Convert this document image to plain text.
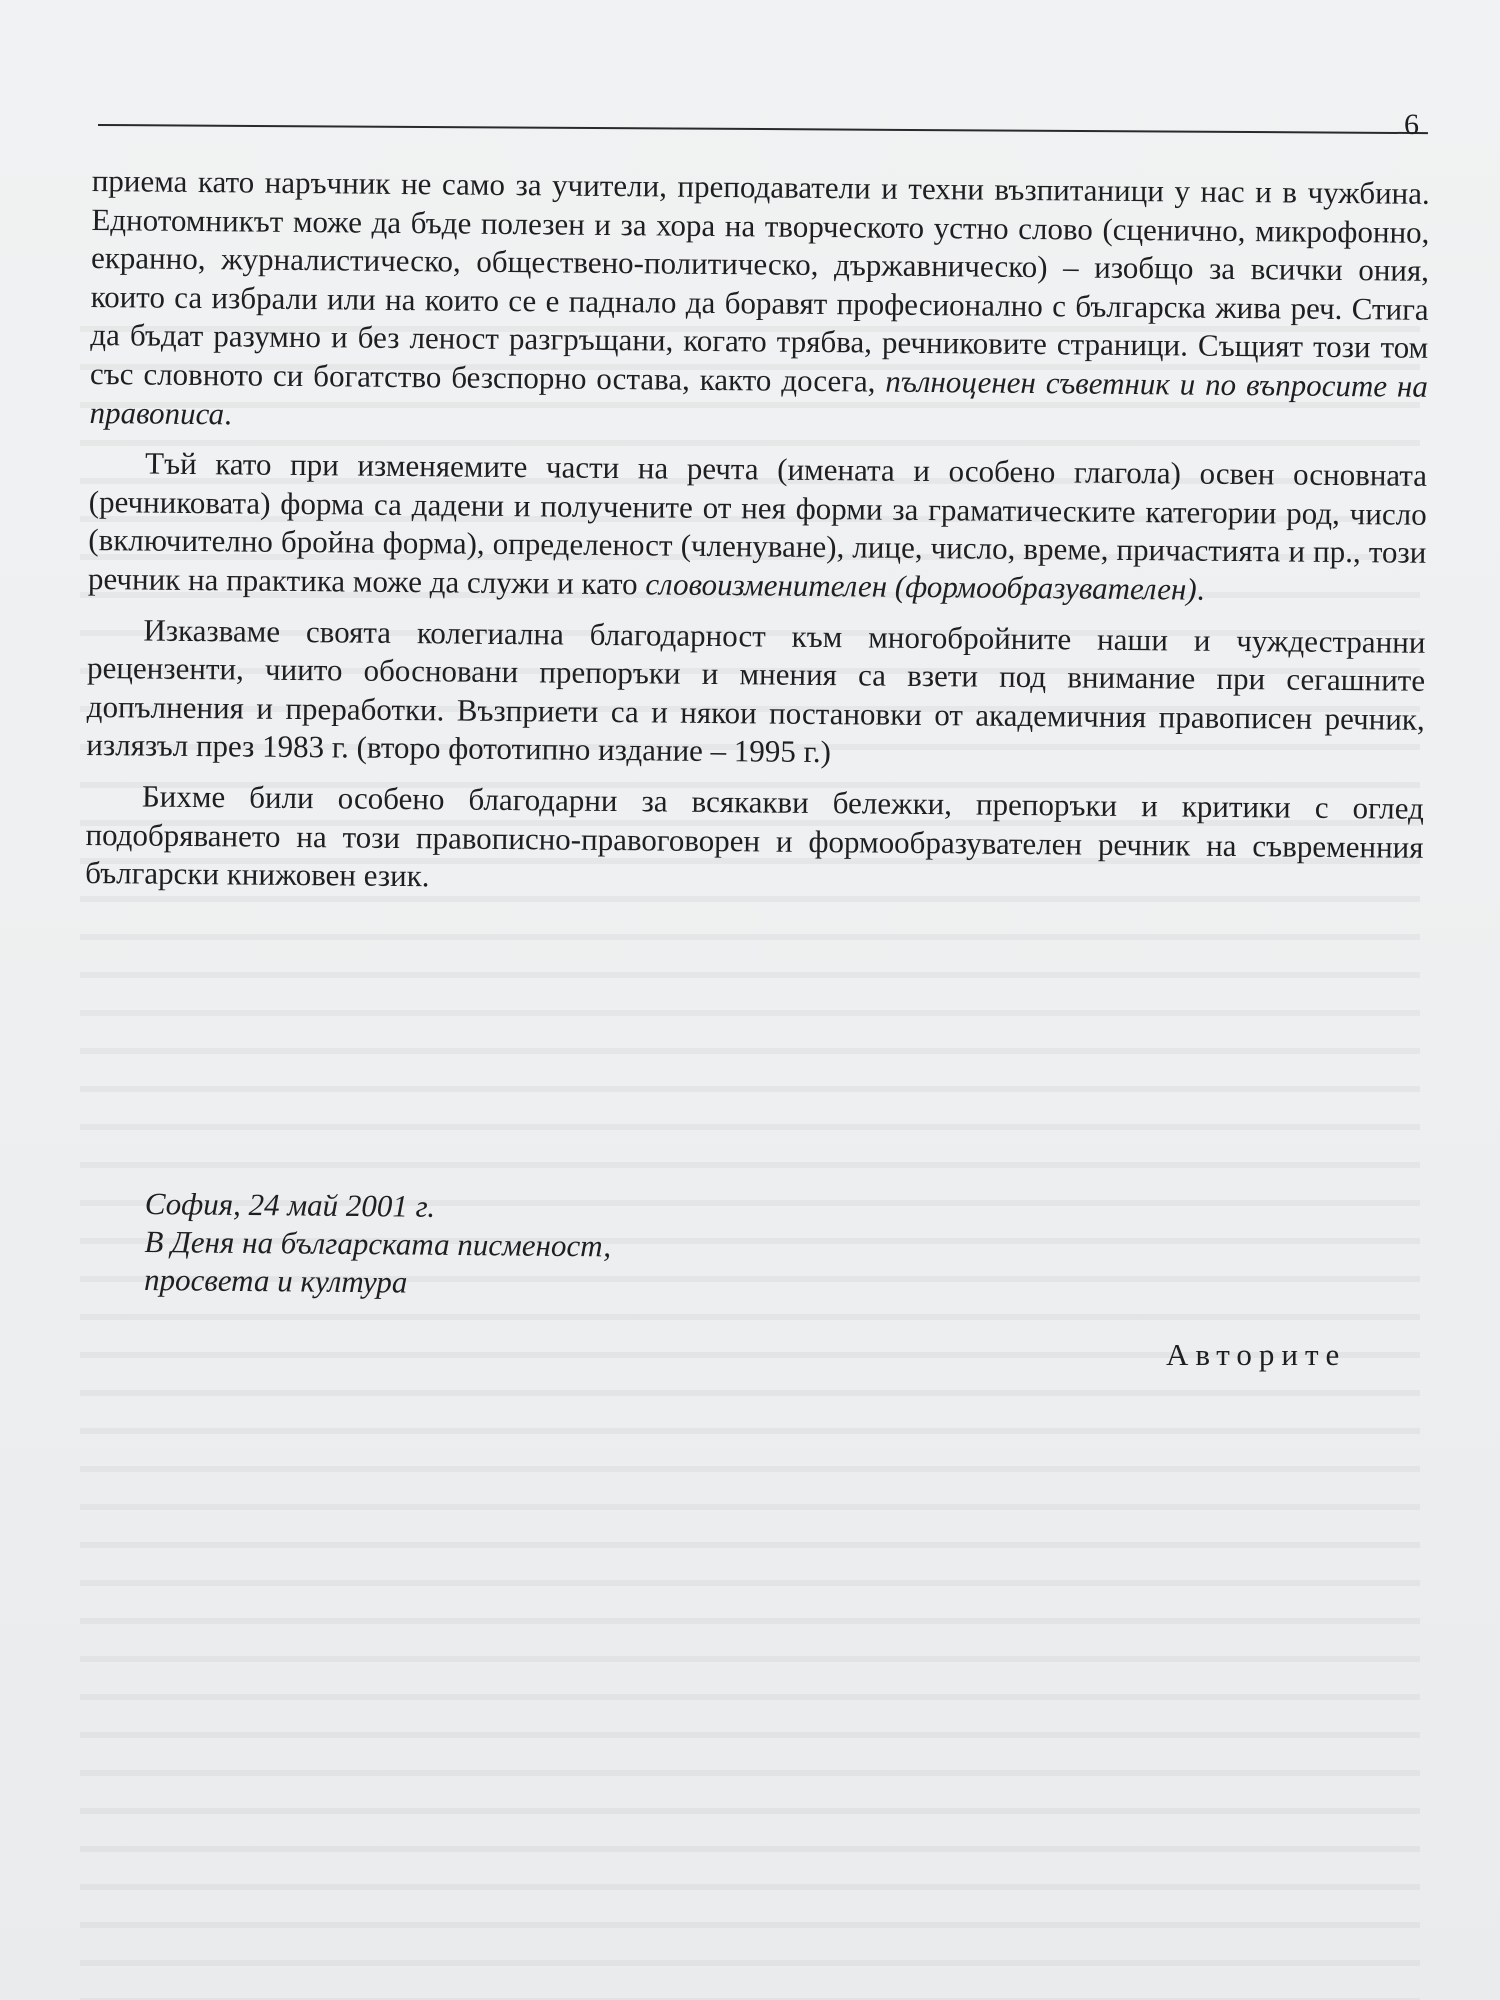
6

приема като наръчник не само за учители, преподаватели и техни възпитаници у нас и в чужбина. Еднотомникът може да бъде полезен и за хора на творческото устно слово (сценично, микрофонно, екранно, журналистическо, обществено-политическо, държавническо) – изобщо за всички ония, които са избрали или на които се е паднало да боравят професионално с българска жива реч. Стига да бъдат разумно и без леност разгръщани, когато трябва, речниковите страници. Същият този том със словното си богатство безспорно остава, както досега, пълноценен съветник и по въпросите на правописа.

Тъй като при изменяемите части на речта (имената и особено глагола) освен основната (речниковата) форма са дадени и получените от нея форми за граматическите категории род, число (включително бройна форма), определеност (членуване), лице, число, време, причастията и пр., този речник на практика може да служи и като словоизменителен (формообразувателен).

Изказваме своята колегиална благодарност към многобройните наши и чуждестранни рецензенти, чиито обосновани препоръки и мнения са взети под внимание при сегашните допълнения и преработки. Възприети са и някои постановки от академичния правописен речник, излязъл през 1983 г. (второ фототипно издание – 1995 г.)

Бихме били особено благодарни за всякакви бележки, препоръки и критики с оглед подобряването на този правописно-правоговорен и формообразувателен речник на съвременния български книжовен език.

София, 24 май 2001 г.
В Деня на българската писменост,
просвета и култура
Авторите
